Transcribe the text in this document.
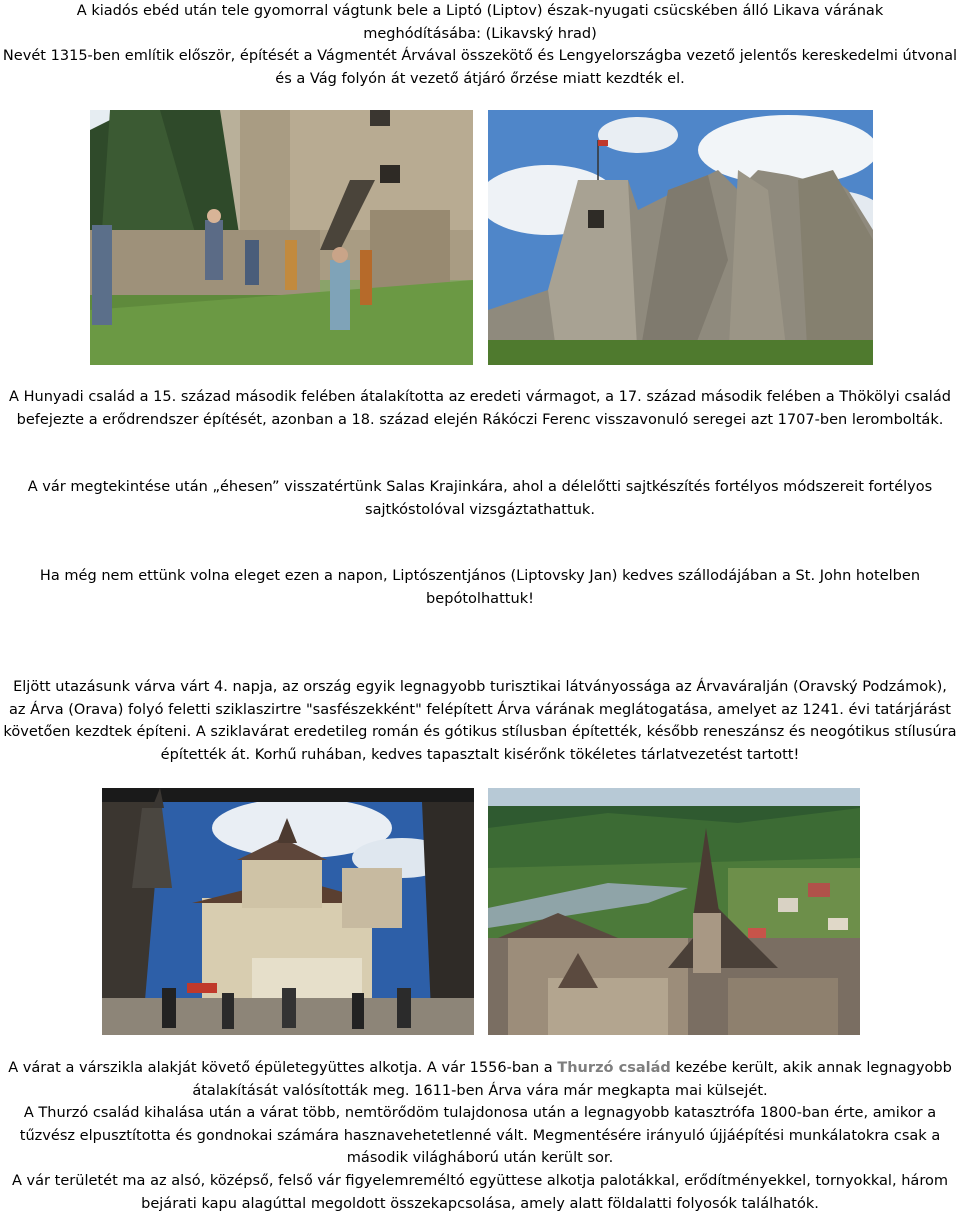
A kiadós ebéd után tele gyomorral vágtunk bele a Liptó (Liptov) észak-nyugati csücskében álló Likava várának
meghódításába: (Likavský hrad)
Nevét 1315-ben említik először, építését a Vágmentét Árvával összekötő és Lengyelországba vezető jelentős kereskedelmi útvonal
és a Vág folyón át vezető átjáró őrzése miatt kezdték el.
A Hunyadi család a 15. század második felében átalakította az eredeti vármagot, a 17. század második felében a Thökölyi család
befejezte a erődrendszer építését, azonban a 18. század elején Rákóczi Ferenc visszavonuló seregei azt 1707-ben lerombolták.
A vár megtekintése után „éhesen” visszatértünk Salas Krajinkára, ahol a délelőtti sajtkészítés fortélyos módszereit fortélyos
sajtkóstolóval vizsgáztathattuk.
Ha még nem ettünk volna eleget ezen a napon, Liptószentjános (Liptovsky Jan) kedves szállodájában a St. John hotelben
bepótolhattuk!
Eljött utazásunk várva várt 4. napja, az ország egyik legnagyobb turisztikai látványossága az Árvaváralján (Oravský Podzámok),
az Árva (Orava) folyó feletti sziklaszirtre "sasfészekként" felépített Árva várának meglátogatása, amelyet az 1241. évi tatárjárást
követően kezdtek építeni. A sziklavárat eredetileg román és gótikus stílusban építették, később reneszánsz és neogótikus stílusúra
építették át. Korhű ruhában, kedves tapasztalt kisérőnk tökéletes tárlatvezetést tartott!
A várat a várszikla alakját követő épületegyüttes alkotja. A vár 1556-ban a Thurzó család kezébe került, akik annak legnagyobb
átalakítását valósították meg. 1611-ben Árva vára már megkapta mai külsejét.
A Thurzó család kihalása után a várat több, nemtörődöm tulajdonosa után a legnagyobb katasztrófa 1800-ban érte, amikor a
tűzvész elpusztította és gondnokai számára hasznavehetetlenné vált. Megmentésére irányuló újjáépítési munkálatokra csak a
második világháború után került sor.
A vár területét ma az alsó, középső, felső vár figyelemreméltó együttese alkotja palotákkal, erődítményekkel, tornyokkal, három
bejárati kapu alagúttal megoldott összekapcsolása, amely alatt földalatti folyosók találhatók.
